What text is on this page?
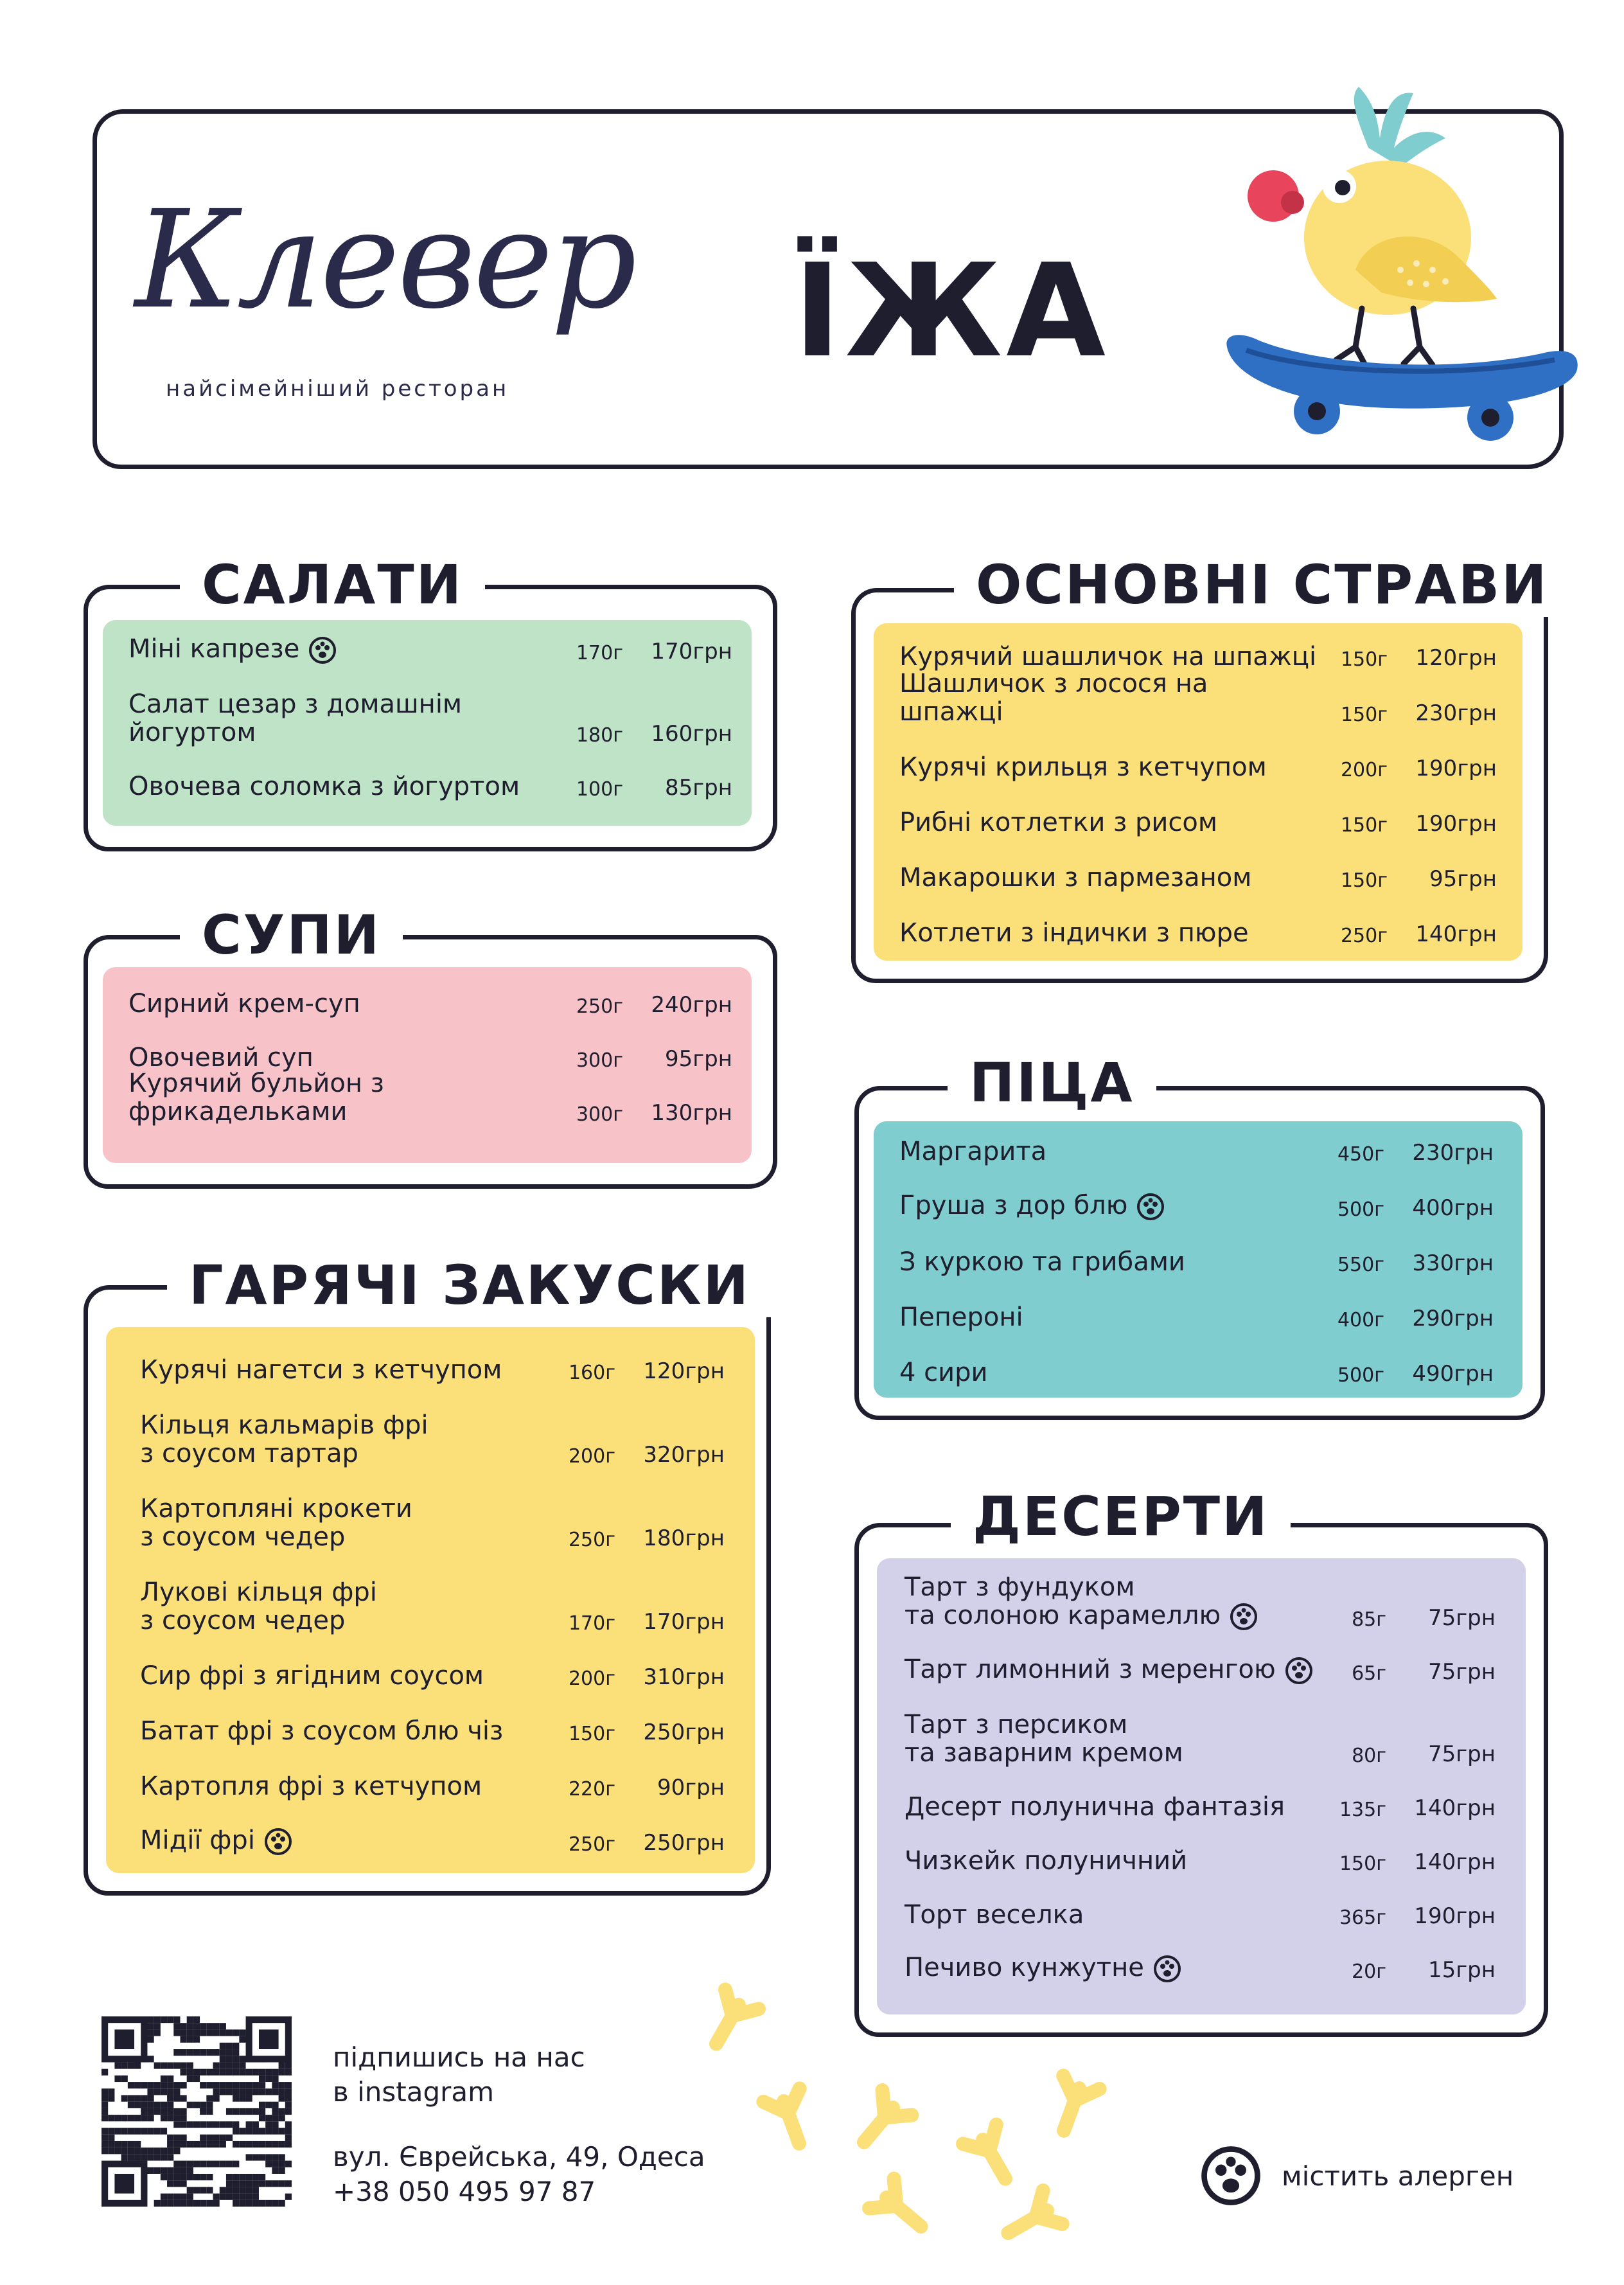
Клевер
найсімейніший ресторан
ЇЖА
САЛАТИ
Міні капрезе	170г	170грн
Салат цезар з домашнім
йогуртом	180г	160грн
Овочева соломка з йогуртом	100г	85грн
СУПИ
Сирний крем-суп	250г	240грн
Овочевий суп	300г	95грн
Курячий бульйон з фрикадельками	300г	130грн
ГАРЯЧІ ЗАКУСКИ
Курячі нагетси з кетчупом	160г	120грн
Кільця кальмарів фрі
з соусом тартар	200г	320грн
Картопляні крокети
з соусом чедер	250г	180грн
Лукові кільця фрі
з соусом чедер	170г	170грн
Сир фрі з ягідним соусом	200г	310грн
Батат фрі з соусом блю чіз	150г	250грн
Картопля фрі з кетчупом	220г	90грн
Мідії фрі	250г	250грн
ОСНОВНІ СТРАВИ
Курячий шашличок на шпажці	150г	120грн
Шашличок з лосося на шпажці	150г	230грн
Курячі крильця з кетчупом	200г	190грн
Рибні котлетки з рисом	150г	190грн
Макарошки з пармезаном	150г	95грн
Котлети з індички з пюре	250г	140грн
ПІЦА
Маргарита	450г	230грн
Груша з дор блю	500г	400грн
З куркою та грибами	550г	330грн
Пепероні	400г	290грн
4 сири	500г	490грн
ДЕСЕРТИ
Тарт з фундуком
та солоною карамеллю	85г	75грн
Тарт лимонний з меренгою	65г	75грн
Тарт з персиком
та заварним кремом	80г	75грн
Десерт полунична фантазія	135г	140грн
Чизкейк полуничний	150г	140грн
Торт веселка	365г	190грн
Печиво кунжутне	20г	15грн
підпишись на нас
в instagram
вул. Єврейська, 49, Одеса
+38 050 495 97 87	містить алерген
